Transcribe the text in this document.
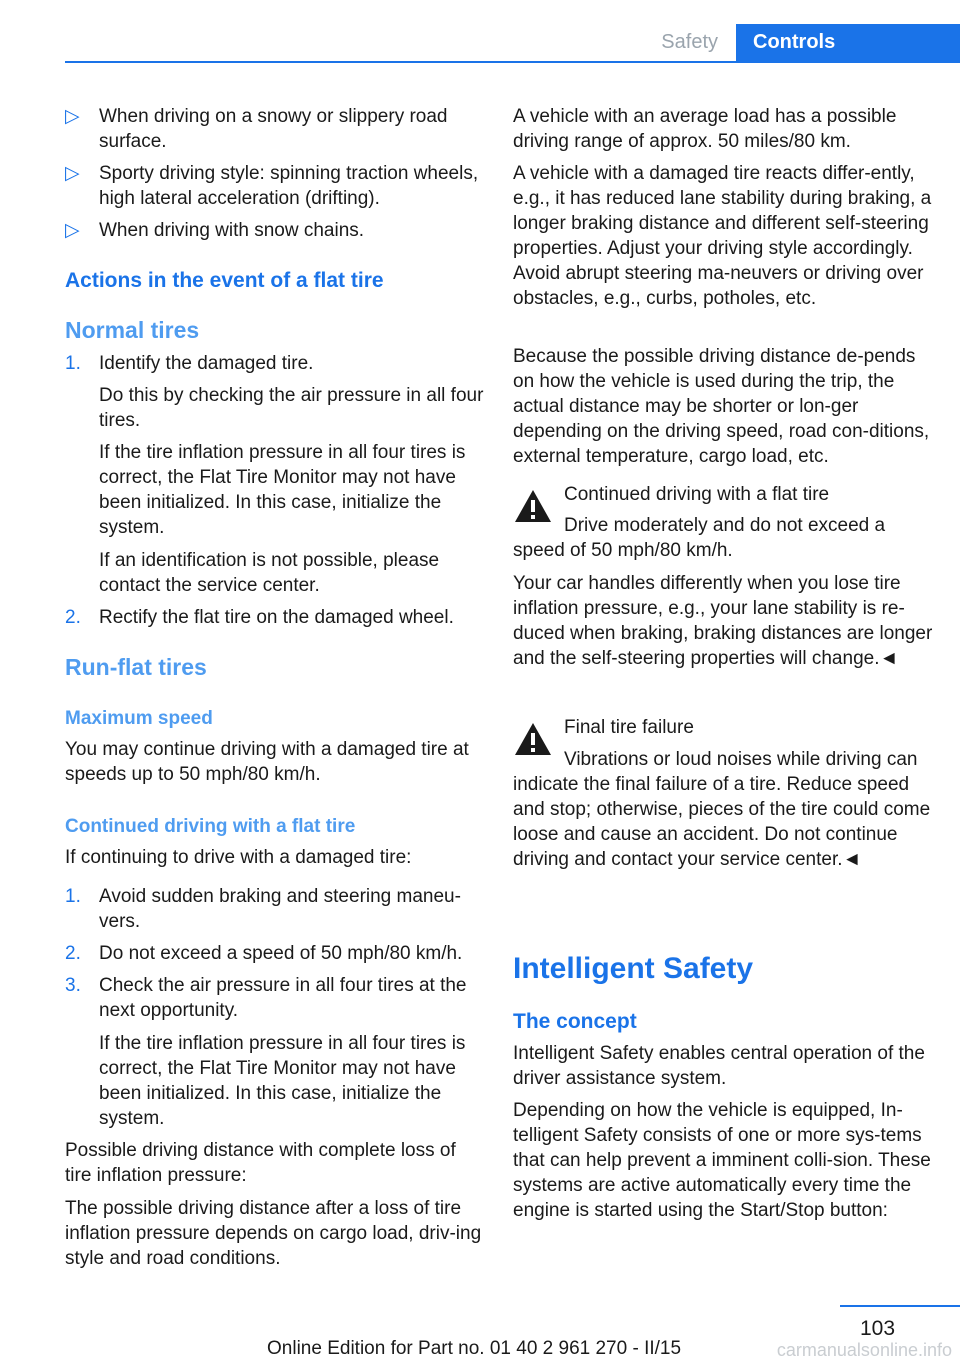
Safety	Controls
▷ When driving on a snowy or slippery road surface.
▷ Sporty driving style: spinning traction wheels, high lateral acceleration (drifting).
▷ When driving with snow chains.
Actions in the event of a flat tire
Normal tires
1. Identify the damaged tire.
Do this by checking the air pressure in all four tires.
If the tire inflation pressure in all four tires is correct, the Flat Tire Monitor may not have been initialized. In this case, initialize the system.
If an identification is not possible, please contact the service center.
2. Rectify the flat tire on the damaged wheel.
Run-flat tires
Maximum speed
You may continue driving with a damaged tire at speeds up to 50 mph/80 km/h.
Continued driving with a flat tire
If continuing to drive with a damaged tire:
1. Avoid sudden braking and steering maneu-vers.
2. Do not exceed a speed of 50 mph/80 km/h.
3. Check the air pressure in all four tires at the next opportunity.
If the tire inflation pressure in all four tires is correct, the Flat Tire Monitor may not have been initialized. In this case, initialize the system.
Possible driving distance with complete loss of tire inflation pressure:
The possible driving distance after a loss of tire inflation pressure depends on cargo load, driv-ing style and road conditions.
A vehicle with an average load has a possible driving range of approx. 50 miles/80 km.
A vehicle with a damaged tire reacts differ-ently, e.g., it has reduced lane stability during braking, a longer braking distance and different self-steering properties. Adjust your driving style accordingly. Avoid abrupt steering ma-neuvers or driving over obstacles, e.g., curbs, potholes, etc.
Because the possible driving distance de-pends on how the vehicle is used during the trip, the actual distance may be shorter or lon-ger depending on the driving speed, road con-ditions, external temperature, cargo load, etc.
Continued driving with a flat tire
Drive moderately and do not exceed a speed of 50 mph/80 km/h.
Your car handles differently when you lose tire inflation pressure, e.g., your lane stability is re-duced when braking, braking distances are longer and the self-steering properties will change.◄
Final tire failure
Vibrations or loud noises while driving can indicate the final failure of a tire. Reduce speed and stop; otherwise, pieces of the tire could come loose and cause an accident. Do not continue driving and contact your service center.◄
Intelligent Safety
The concept
Intelligent Safety enables central operation of the driver assistance system.
Depending on how the vehicle is equipped, In-telligent Safety consists of one or more sys-tems that can help prevent a imminent colli-sion. These systems are active automatically every time the engine is started using the Start/Stop button:
103
Online Edition for Part no. 01 40 2 961 270 - II/15	carmanualsonline.info
